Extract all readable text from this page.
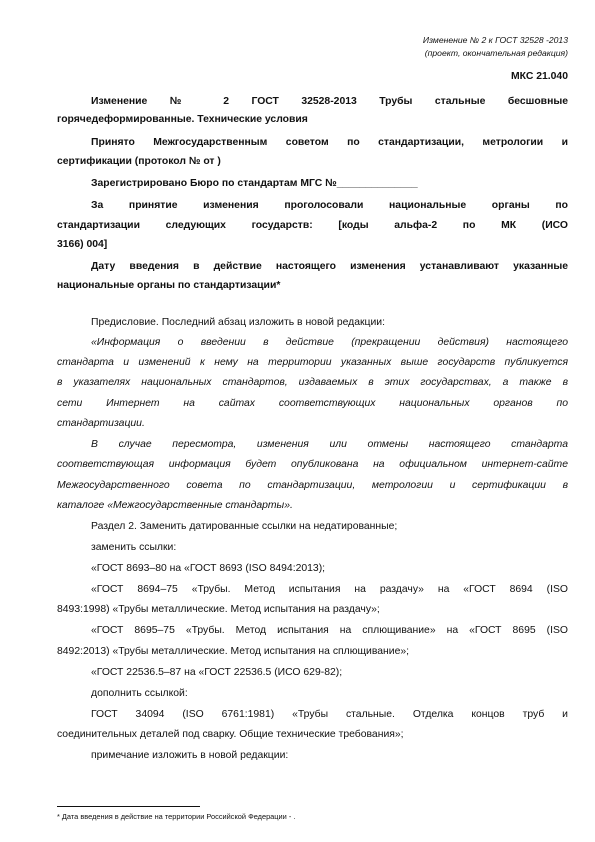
Изменение № 2 к ГОСТ 32528 -2013
(проект, окончательная редакция)
МКС 21.040
Изменение № 2 ГОСТ 32528-2013 Трубы стальные бесшовные
горячедеформированные. Технические условия
Принято Межгосударственным советом по стандартизации, метрологии и
сертификации (протокол № от )
Зарегистрировано Бюро по стандартам МГС №______________
За принятие изменения проголосовали национальные органы по
стандартизации следующих государств: [коды альфа-2 по МК (ИСО
3166) 004]
Дату введения в действие настоящего изменения устанавливают указанные
национальные органы по стандартизации*
Предисловие. Последний абзац изложить в новой редакции:
«Информация о введении в действие (прекращении действия) настоящего
стандарта и изменений к нему на территории указанных выше государств публикуется
в указателях национальных стандартов, издаваемых в этих государствах, а также в
сети Интернет на сайтах соответствующих национальных органов по
стандартизации.
В случае пересмотра, изменения или отмены настоящего стандарта
соответствующая информация будет опубликована на официальном интернет-сайте
Межгосударственного совета по стандартизации, метрологии и сертификации в
каталоге «Межгосударственные стандарты».
Раздел 2. Заменить датированные ссылки на недатированные;
заменить ссылки:
«ГОСТ 8693–80 на «ГОСТ 8693 (ISO 8494:2013);
«ГОСТ 8694–75 «Трубы. Метод испытания на раздачу» на «ГОСТ 8694 (ISO
8493:1998) «Трубы металлические. Метод испытания на раздачу»;
«ГОСТ 8695–75 «Трубы. Метод испытания на сплющивание» на «ГОСТ 8695 (ISO
8492:2013) «Трубы металлические. Метод испытания на сплющивание»;
«ГОСТ 22536.5–87 на «ГОСТ 22536.5 (ИСО 629-82);
дополнить ссылкой:
ГОСТ 34094 (ISO 6761:1981) «Трубы стальные. Отделка концов труб и
соединительных деталей под сварку. Общие технические требования»;
примечание изложить в новой редакции:
* Дата введения в действие на территории Российской Федерации - .
